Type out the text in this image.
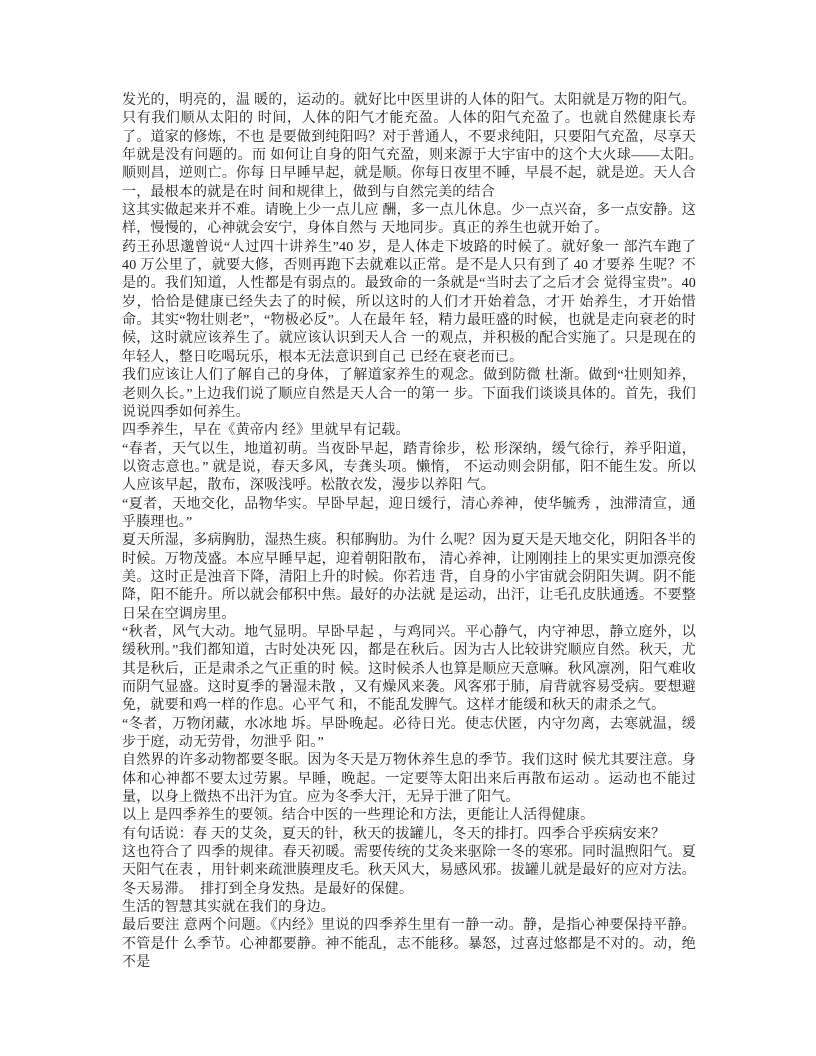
发光的，明亮的，温 暖的，运动的。就好比中医里讲的人体的阳气。太阳就是万物的阳气。只有我们顺从太阳的 时间，人体的阳气才能充盈。人体的阳气充盈了。也就自然健康长寿了。道家的修炼，不也 是要做到纯阳吗？对于普通人，不要求纯阳，只要阳气充盈，尽享天年就是没有问题的。而 如何让自身的阳气充盈，则来源于大宇宙中的这个大火球——太阳。　顺则昌，逆则亡。你每 日早睡早起，就是顺。你每日夜里不睡，早晨不起，就是逆。天人合一，最根本的就是在时 间和规律上，做到与自然完美的结合

这其实做起来并不难。请晚上少一点儿应 酬，多一点儿休息。少一点兴奋，多一点安静。这样，慢慢的，心神就会安宁，身体自然与 天地同步。真正的养生也就开始了。

药王孙思邈曾说“人过四十讲养生”40 岁，是人体走下坡路的时候了。就好象一 部汽车跑了 40 万公里了，就要大修，否则再跑下去就难以正常。是不是人只有到了 40 才要养 生呢？不是的。我们知道，人性都是有弱点的。最致命的一条就是“当时去了之后才会 觉得宝贵”。40 岁，恰恰是健康已经失去了的时候，所以这时的人们才开始着急，才开 始养生，才开始惜命。其实“物壮则老”，“物极必反”。人在最年 轻，精力最旺盛的时候，也就是走向衰老的时候，这时就应该养生了。就应该认识到天人合 一的观点，并积极的配合实施了。只是现在的年轻人，整日吃喝玩乐，根本无法意识到自己 已经在衰老而已。

我们应该让人们了解自己的身体，了解道家养生的观念。做到防微 杜渐。做到“壮则知养，老则久长。”上边我们说了顺应自然是天人合一的第一 步。下面我们谈谈具体的。首先，我们说说四季如何养生。

四季养生，早在《黄帝内 经》里就早有记载。

“春者，天气以生，地道初萌。当夜卧早起，踏青徐步，松 形深纳，缓气徐行，养乎阳道，以资志意也。” 就是说，春天多风，专龚头项。懒惰， 不运动则会阴郁，阳不能生发。所以人应该早起，散布，深吸浅呼。松散衣发，漫步以养阳 气。

“夏者，天地交化，品物华实。早卧早起，迎日缓行，清心养神，使华毓秀 ，浊滞清宣，通乎腠理也。”

夏天所湿，多病胸肋，湿热生痰。积郁胸肋。为什 么呢？因为夏天是天地交化，阴阳各半的时候。万物茂盛。本应早睡早起，迎着朝阳散布， 清心养神，让刚刚挂上的果实更加漂亮俊美。这时正是浊音下降，清阳上升的时候。你若违 背，自身的小宇宙就会阴阳失调。阴不能降，阳不能升。所以就会郁积中焦。最好的办法就 是运动，出汗，让毛孔皮肤通透。不要整日呆在空调房里。

“秋者，风气大动。地气显明。早卧早起 ，与鸡同兴。平心静气，内守神思，静立庭外，以缓秋刑。”我们都知道，古时处决死 囚，都是在秋后。因为古人比较讲究顺应自然。秋天，尤其是秋后，正是肃杀之气正重的时 候。这时候杀人也算是顺应天意嘛。秋风凛冽，阳气难收而阴气显盛。这时夏季的暑湿未散 ，又有燥风来袭。风客邪于肺，肩背就容易受病。要想避免，就要和鸡一样的作息。心平气 和，不能乱发脾气。这样才能缓和秋天的肃杀之气。

“冬者，万物闭藏，水冰地 坼。早卧晚起。必待日光。使志伏匿，内守勿离，去寒就温，缓步于庭，动无劳骨，勿泄乎 阳。”

自然界的许多动物都要冬眠。因为冬天是万物休养生息的季节。我们这时 候尤其要注意。身体和心神都不要太过劳累。早睡，晚起。一定要等太阳出来后再散布运动 。运动也不能过量，以身上微热不出汗为宜。应为冬季大汗，无异于泄了阳气。

以上 是四季养生的要领。结合中医的一些理论和方法，更能让人活得健康。

有句话说：春 天的艾灸，夏天的针，秋天的拔罐儿，冬天的排打。四季合乎疾病安来？

这也符合了 四季的规律。春天初暖。需要传统的艾灸来驱除一冬的寒邪。同时温煦阳气。夏天阳气在表 ，用针刺来疏泄腠理皮毛。秋天风大，易感风邪。拔罐儿就是最好的应对方法。冬天易滞。　排打到全身发热。是最好的保健。

生活的智慧其实就在我们的身边。

最后要注 意两个问题。《内经》里说的四季养生里有一静一动。静，是指心神要保持平静。不管是什 么季节。心神都要静。神不能乱，志不能移。暴怒，过喜过悠都是不对的。动，绝不是
